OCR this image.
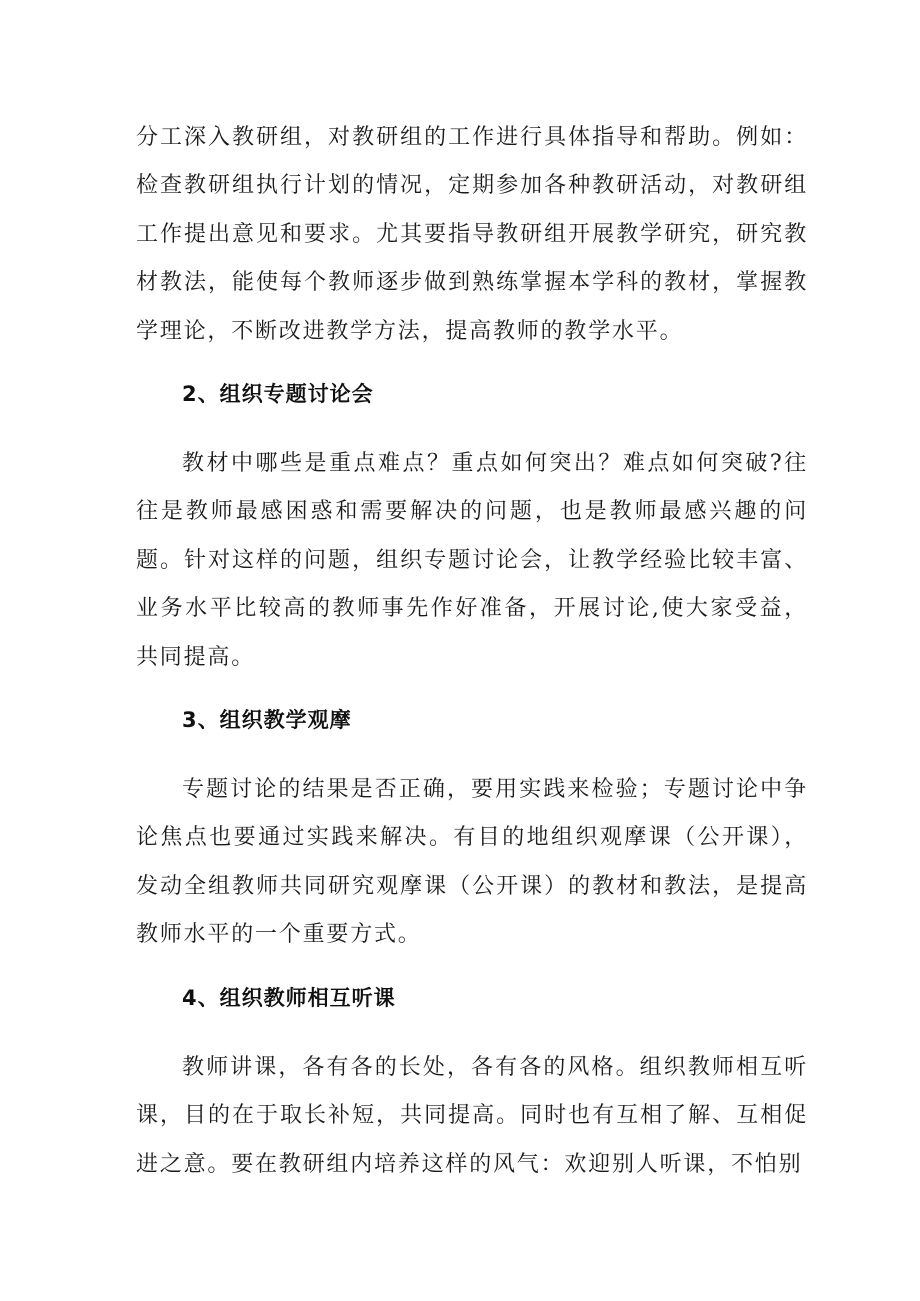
分工深入教研组，对教研组的工作进行具体指导和帮助。例如：检查教研组执行计划的情况，定期参加各种教研活动，对教研组工作提出意见和要求。尤其要指导教研组开展教学研究，研究教材教法，能使每个教师逐步做到熟练掌握本学科的教材，掌握教学理论，不断改进教学方法，提高教师的教学水平。

2、组织专题讨论会

教材中哪些是重点难点？重点如何突出？难点如何突破?往往是教师最感困惑和需要解决的问题，也是教师最感兴趣的问题。针对这样的问题，组织专题讨论会，让教学经验比较丰富、业务水平比较高的教师事先作好准备，开展讨论,使大家受益，共同提高。

3、组织教学观摩

专题讨论的结果是否正确，要用实践来检验；专题讨论中争论焦点也要通过实践来解决。有目的地组织观摩课（公开课），发动全组教师共同研究观摩课（公开课）的教材和教法，是提高教师水平的一个重要方式。

4、组织教师相互听课

教师讲课，各有各的长处，各有各的风格。组织教师相互听课，目的在于取长补短，共同提高。同时也有互相了解、互相促进之意。要在教研组内培养这样的风气：欢迎别人听课，不怕别
